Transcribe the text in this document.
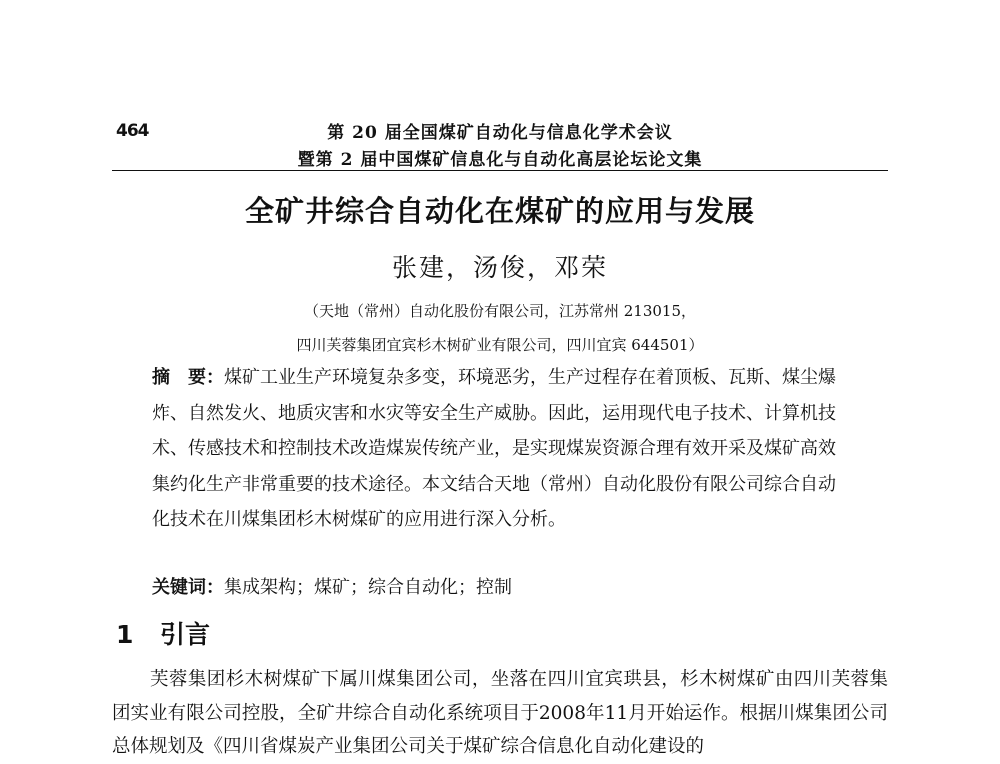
464	第 20 届全国煤矿自动化与信息化学术会议
暨第 2 届中国煤矿信息化与自动化高层论坛论文集
全矿井综合自动化在煤矿的应用与发展
张建，汤俊，邓荣
（天地（常州）自动化股份有限公司，江苏常州 213015，
四川芙蓉集团宜宾杉木树矿业有限公司，四川宜宾 644501）
摘　要：煤矿工业生产环境复杂多变，环境恶劣，生产过程存在着顶板、瓦斯、煤尘爆炸、自然发火、地质灾害和水灾等安全生产威胁。因此，运用现代电子技术、计算机技术、传感技术和控制技术改造煤炭传统产业，是实现煤炭资源合理有效开采及煤矿高效集约化生产非常重要的技术途径。本文结合天地（常州）自动化股份有限公司综合自动化技术在川煤集团杉木树煤矿的应用进行深入分析。
关键词：集成架构；煤矿；综合自动化；控制
1 引言
芙蓉集团杉木树煤矿下属川煤集团公司，坐落在四川宜宾珙县，杉木树煤矿由四川芙蓉集团实业有限公司控股，全矿井综合自动化系统项目于2008年11月开始运作。根据川煤集团公司总体规划及《四川省煤炭产业集团公司关于煤矿综合信息化自动化建设的
